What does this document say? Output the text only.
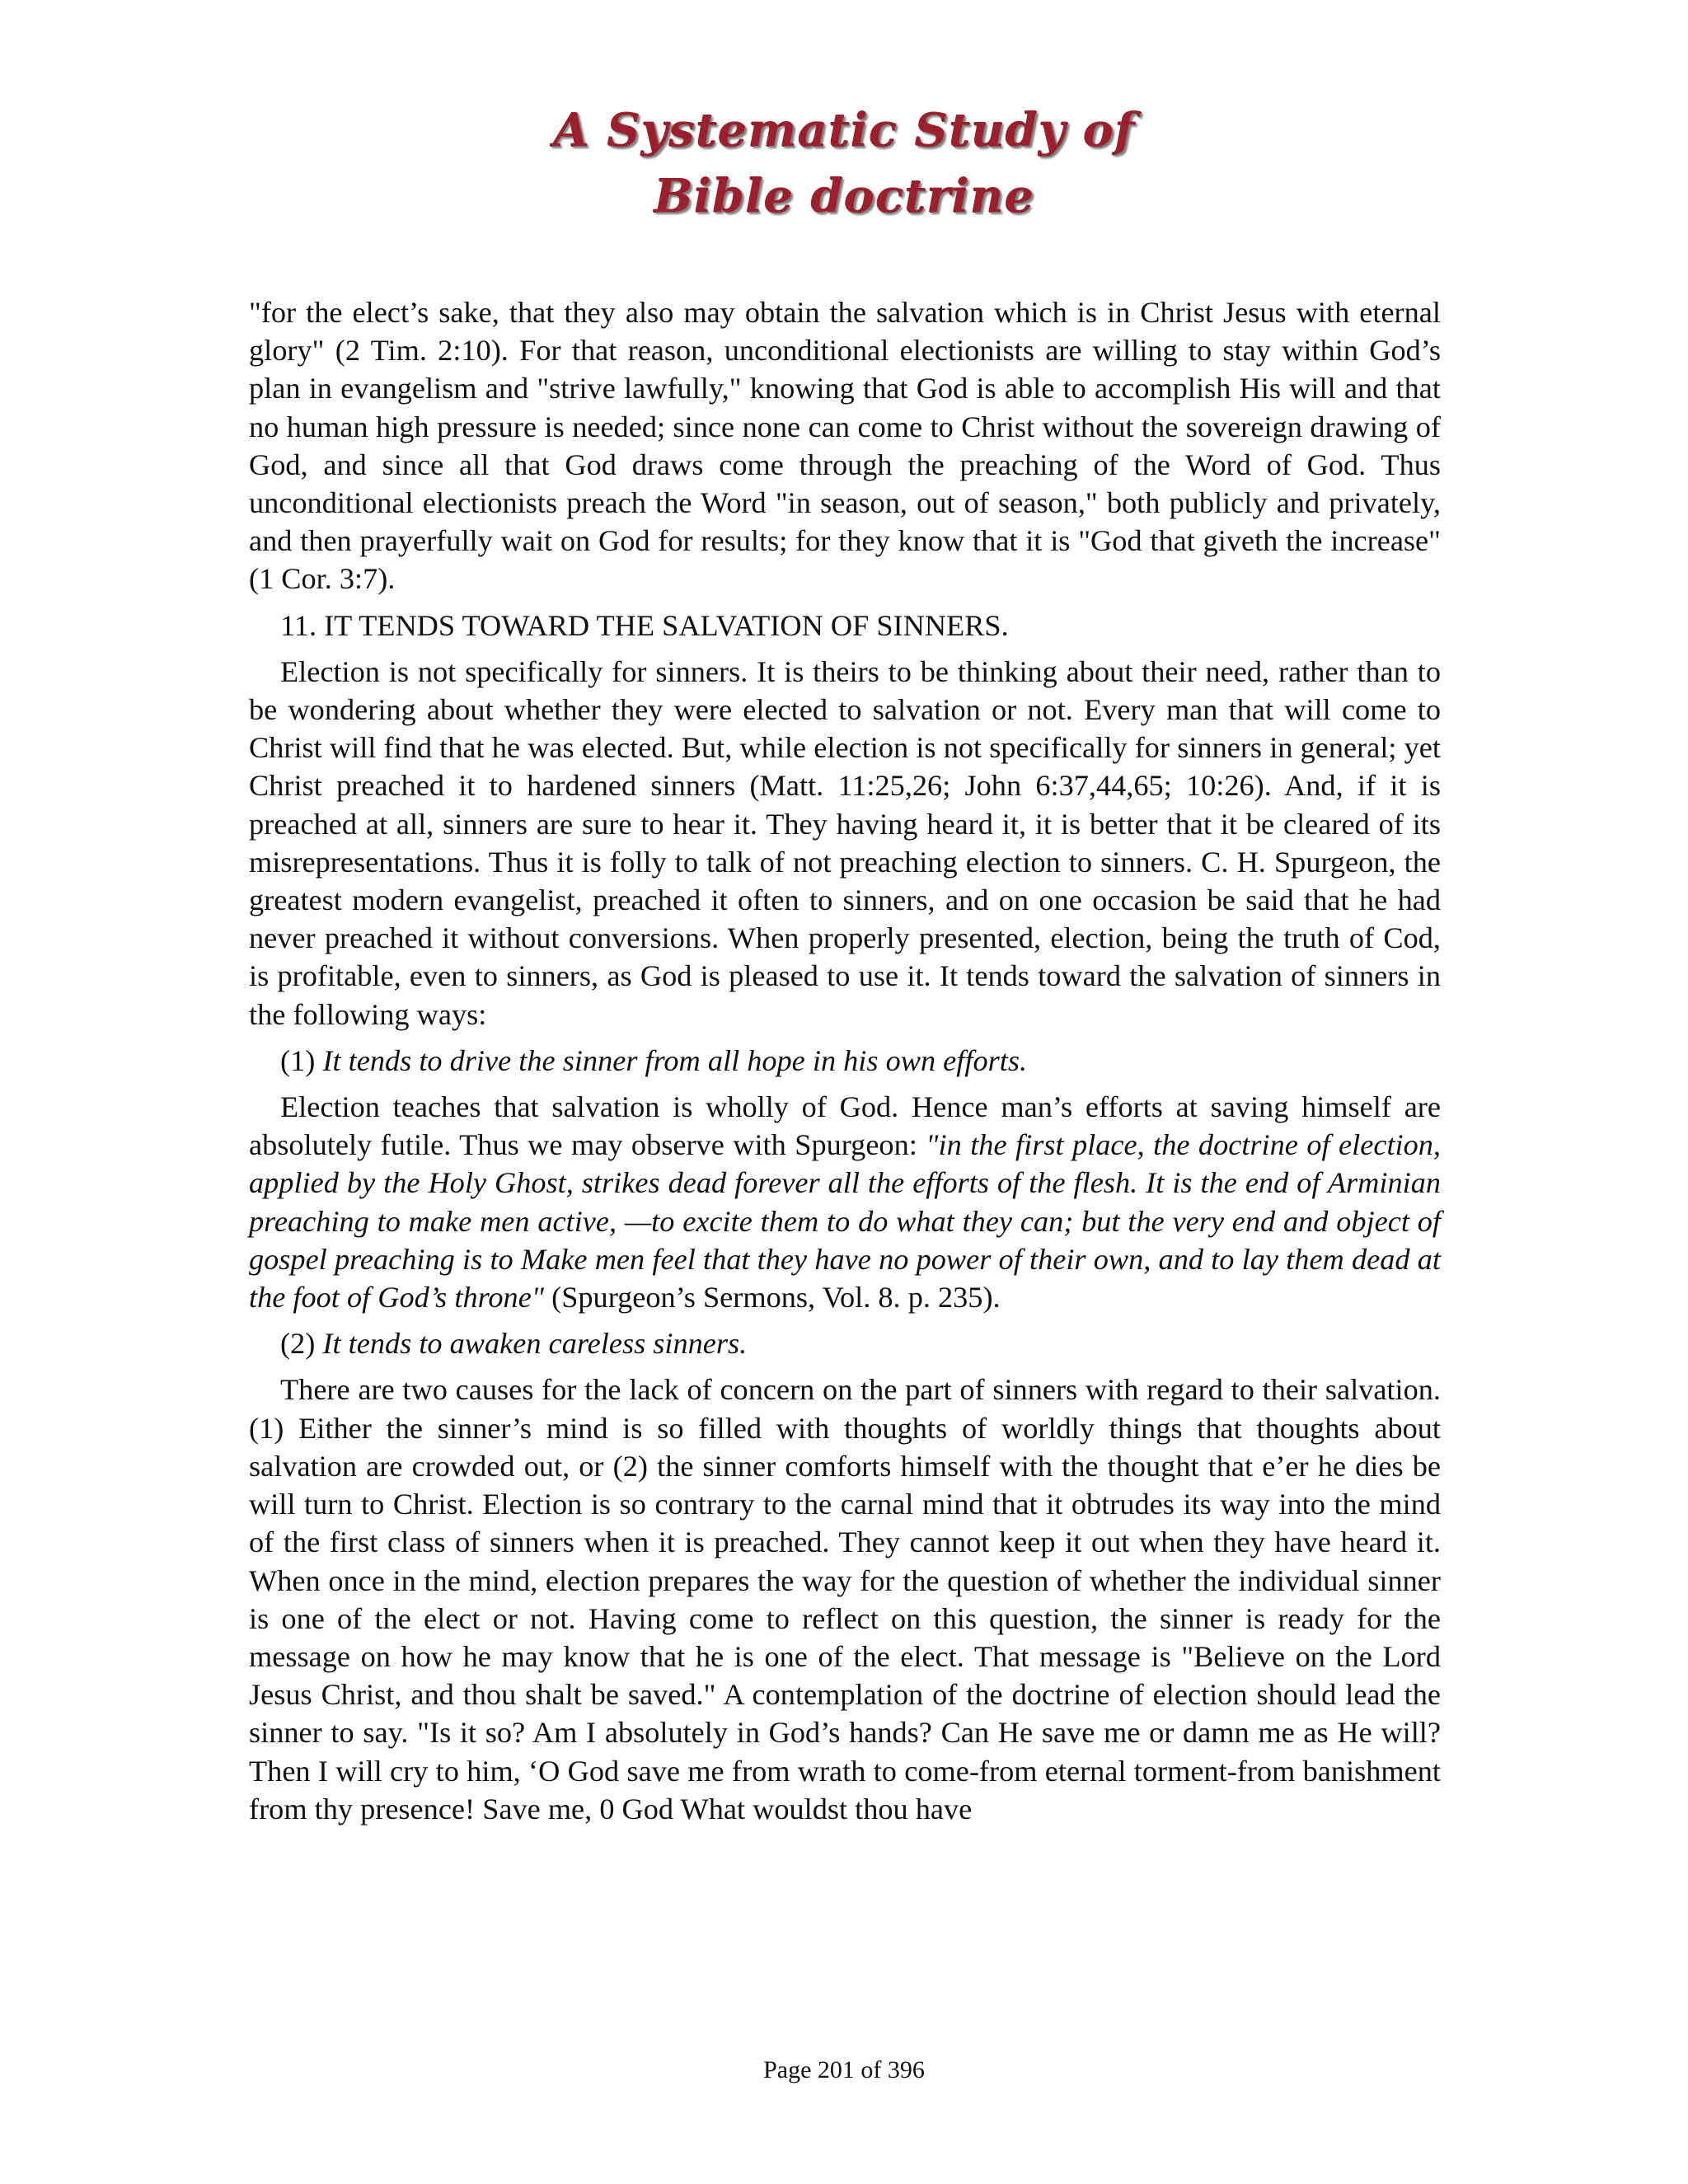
A Systematic Study of
Bible doctrine

"for the elect’s sake, that they also may obtain the salvation which is in Christ Jesus with eternal glory" (2 Tim. 2:10). For that reason, unconditional electionists are willing to stay within God’s plan in evangelism and "strive lawfully," knowing that God is able to accomplish His will and that no human high pressure is needed; since none can come to Christ without the sovereign drawing of God, and since all that God draws come through the preaching of the Word of God. Thus unconditional electionists preach the Word "in season, out of season," both publicly and privately, and then prayerfully wait on God for results; for they know that it is "God that giveth the increase" (1 Cor. 3:7).

11. IT TENDS TOWARD THE SALVATION OF SINNERS.

Election is not specifically for sinners. It is theirs to be thinking about their need, rather than to be wondering about whether they were elected to salvation or not. Every man that will come to Christ will find that he was elected. But, while election is not specifically for sinners in general; yet Christ preached it to hardened sinners (Matt. 11:25,26; John 6:37,44,65; 10:26). And, if it is preached at all, sinners are sure to hear it. They having heard it, it is better that it be cleared of its misrepresentations. Thus it is folly to talk of not preaching election to sinners. C. H. Spurgeon, the greatest modern evangelist, preached it often to sinners, and on one occasion be said that he had never preached it without conversions. When properly presented, election, being the truth of Cod, is profitable, even to sinners, as God is pleased to use it. It tends toward the salvation of sinners in the following ways:

(1) It tends to drive the sinner from all hope in his own efforts.

Election teaches that salvation is wholly of God. Hence man’s efforts at saving himself are absolutely futile. Thus we may observe with Spurgeon: "in the first place, the doctrine of election, applied by the Holy Ghost, strikes dead forever all the efforts of the flesh. It is the end of Arminian preaching to make men active, —to excite them to do what they can; but the very end and object of gospel preaching is to Make men feel that they have no power of their own, and to lay them dead at the foot of God’s throne" (Spurgeon’s Sermons, Vol. 8. p. 235).

(2) It tends to awaken careless sinners.

There are two causes for the lack of concern on the part of sinners with regard to their salvation. (1) Either the sinner’s mind is so filled with thoughts of worldly things that thoughts about salvation are crowded out, or (2) the sinner comforts himself with the thought that e’er he dies be will turn to Christ. Election is so contrary to the carnal mind that it obtrudes its way into the mind of the first class of sinners when it is preached. They cannot keep it out when they have heard it. When once in the mind, election prepares the way for the question of whether the individual sinner is one of the elect or not. Having come to reflect on this question, the sinner is ready for the message on how he may know that he is one of the elect. That message is "Believe on the Lord Jesus Christ, and thou shalt be saved." A contemplation of the doctrine of election should lead the sinner to say. "Is it so? Am I absolutely in God’s hands? Can He save me or damn me as He will? Then I will cry to him, ‘O God save me from wrath to come-from eternal torment-from banishment from thy presence! Save me, 0 God What wouldst thou have

Page 201 of 396
